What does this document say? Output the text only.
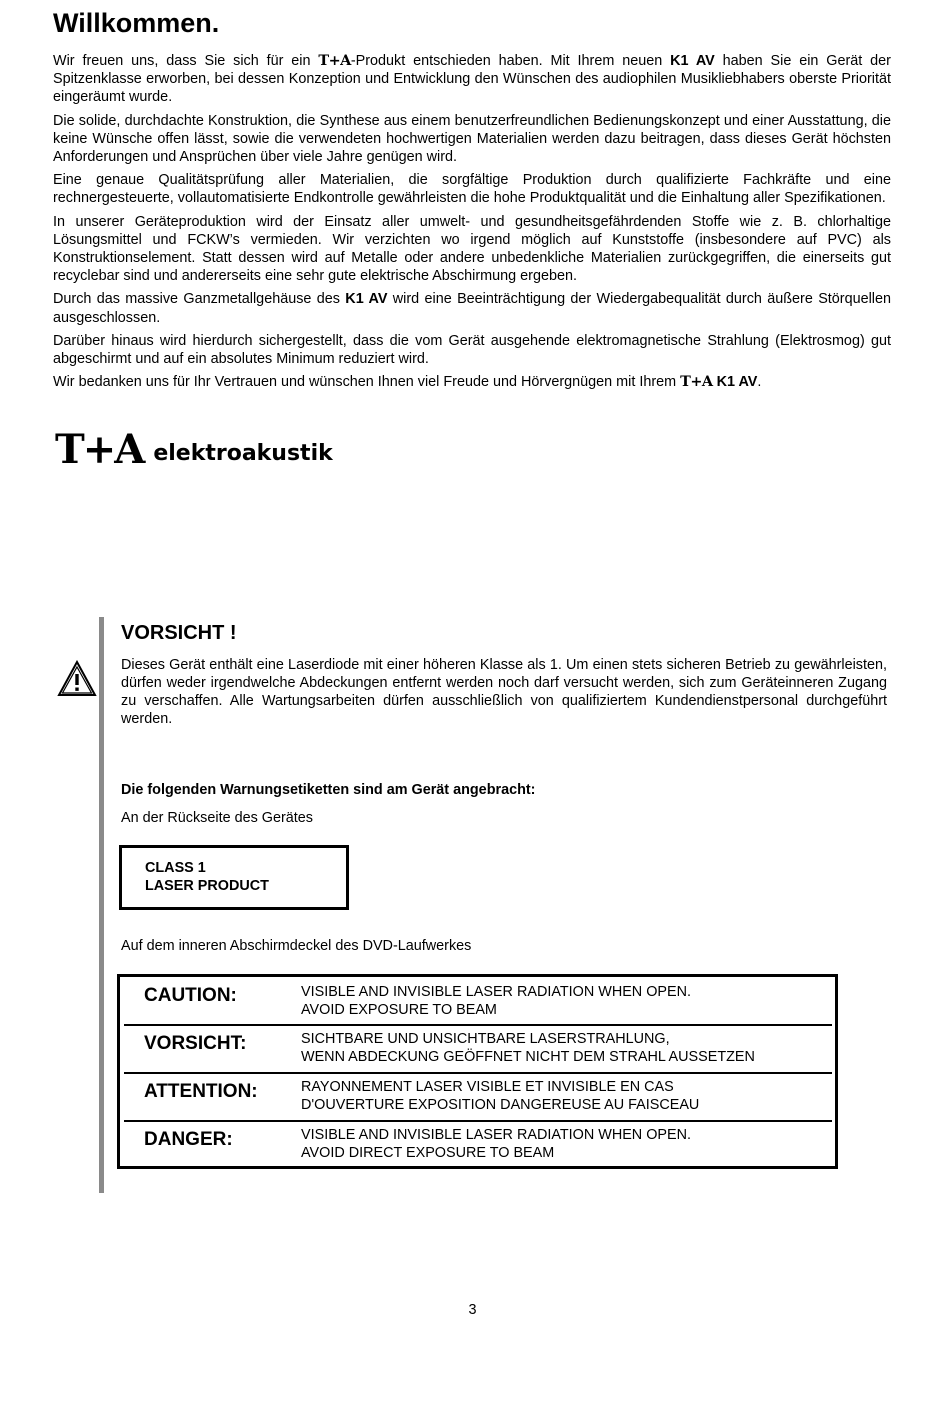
Willkommen.

Wir freuen uns, dass Sie sich für ein T+A-Produkt entschieden haben. Mit Ihrem neuen K1 AV haben Sie ein Gerät der Spitzenklasse erworben, bei dessen Konzeption und Entwicklung den Wünschen des audiophilen Musikliebhabers oberste Priorität eingeräumt wurde.

Die solide, durchdachte Konstruktion, die Synthese aus einem benutzerfreundlichen Bedienungskonzept und einer Ausstattung, die keine Wünsche offen lässt, sowie die verwendeten hochwertigen Materialien werden dazu beitragen, dass dieses Gerät höchsten Anforderungen und Ansprüchen über viele Jahre genügen wird.

Eine genaue Qualitätsprüfung aller Materialien, die sorgfältige Produktion durch qualifizierte Fachkräfte und eine rechnergesteuerte, vollautomatisierte Endkontrolle gewährleisten die hohe Produktqualität und die Einhaltung aller Spezifikationen.

In unserer Geräteproduktion wird der Einsatz aller umwelt- und gesundheitsgefährdenden Stoffe wie z. B. chlorhaltige Lösungsmittel und FCKW’s vermieden. Wir verzichten wo irgend möglich auf Kunststoffe (insbesondere auf PVC) als Konstruktionselement. Statt dessen wird auf Metalle oder andere unbedenkliche Materialien zurückgegriffen, die einerseits gut recyclebar sind und andererseits eine sehr gute elektrische Abschirmung ergeben.

Durch das massive Ganzmetallgehäuse des K1 AV wird eine Beeinträchtigung der Wiedergabequalität durch äußere Störquellen ausgeschlossen.

Darüber hinaus wird hierdurch sichergestellt, dass die vom Gerät ausgehende elektromagnetische Strahlung (Elektrosmog) gut abgeschirmt und auf ein absolutes Minimum reduziert wird.

Wir bedanken uns für Ihr Vertrauen und wünschen Ihnen viel Freude und Hörvergnügen mit Ihrem T+A K1 AV.

T+A elektroakustik
VORSICHT !

Dieses Gerät enthält eine Laserdiode mit einer höheren Klasse als 1. Um einen stets sicheren Betrieb zu gewährleisten, dürfen weder irgendwelche Abdeckungen entfernt werden noch darf versucht werden, sich zum Geräteinneren Zugang zu verschaffen. Alle Wartungsarbeiten dürfen ausschließlich von qualifiziertem Kundendienstpersonal durchgeführt werden.

Die folgenden Warnungsetiketten sind am Gerät angebracht:

An der Rückseite des Gerätes

CLASS 1
LASER PRODUCT

Auf dem inneren Abschirmdeckel des DVD-Laufwerkes

CAUTION:	VISIBLE AND INVISIBLE LASER RADIATION WHEN OPEN.
AVOID EXPOSURE TO BEAM
VORSICHT:	SICHTBARE UND UNSICHTBARE LASERSTRAHLUNG,
WENN ABDECKUNG GEÖFFNET NICHT DEM STRAHL AUSSETZEN
ATTENTION:	RAYONNEMENT LASER VISIBLE ET INVISIBLE EN CAS
D'OUVERTURE EXPOSITION DANGEREUSE AU FAISCEAU
DANGER:	VISIBLE AND INVISIBLE LASER RADIATION WHEN OPEN.
AVOID DIRECT EXPOSURE TO BEAM
3
